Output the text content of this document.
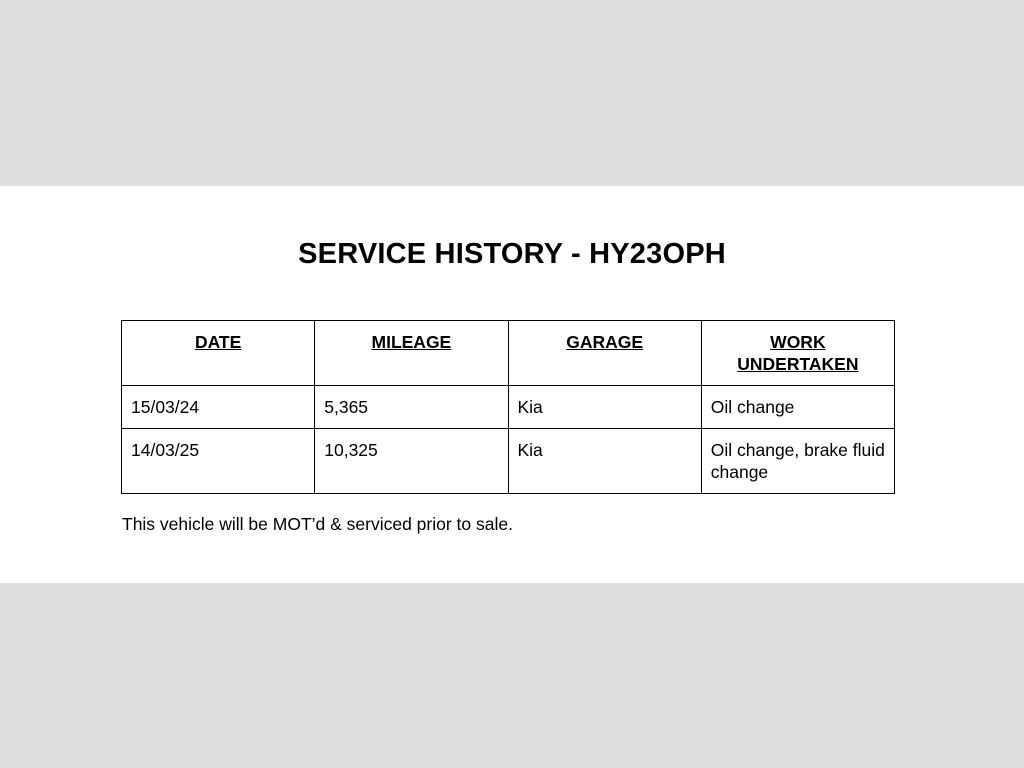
SERVICE HISTORY - HY23OPH
DATE	MILEAGE	GARAGE	WORK UNDERTAKEN
15/03/24	5,365	Kia	Oil change
14/03/25	10,325	Kia	Oil change, brake fluid change

This vehicle will be MOT’d & serviced prior to sale.
